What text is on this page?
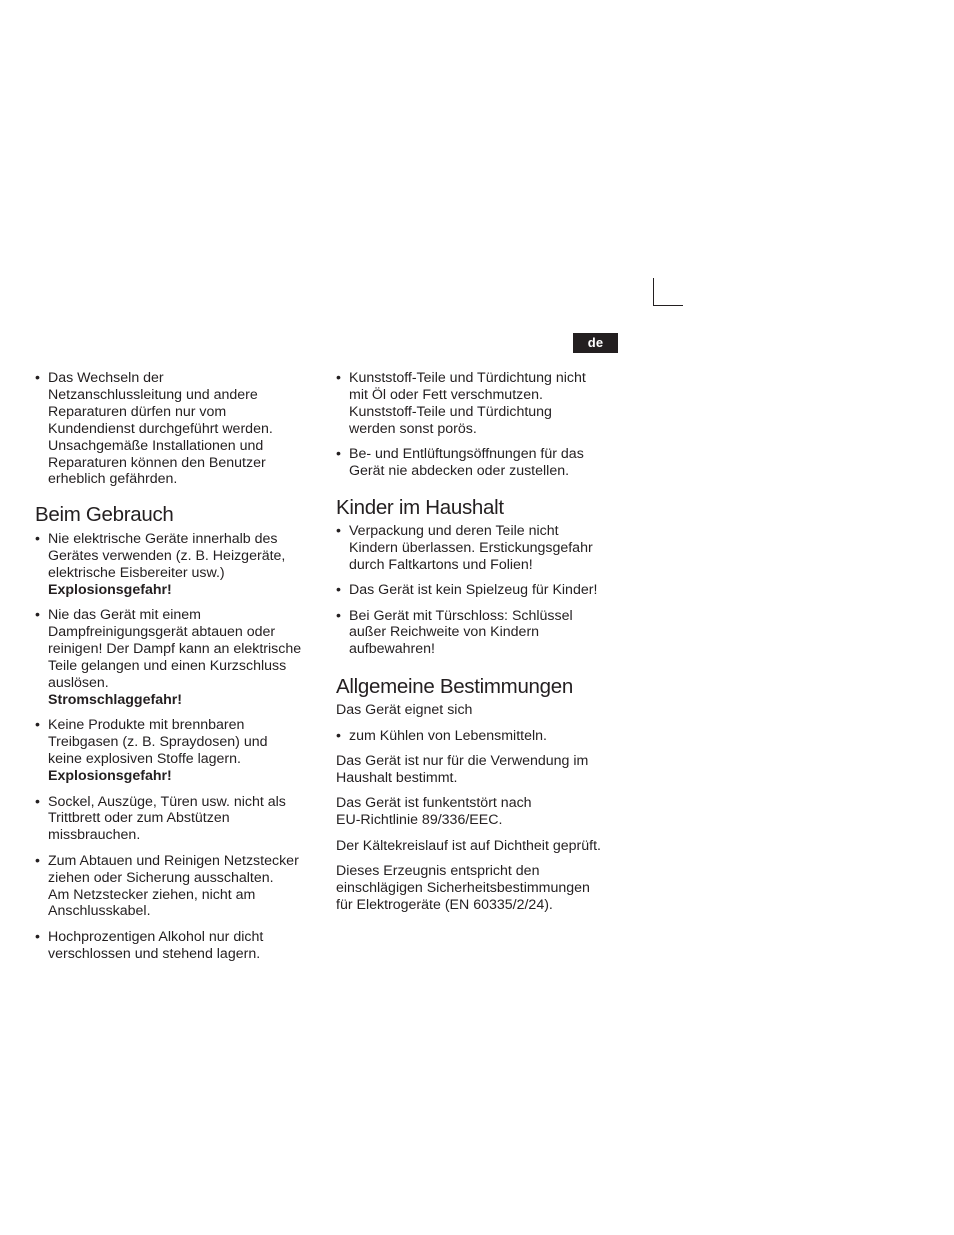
de
• Das Wechseln der
Netzanschlussleitung und andere
Reparaturen dürfen nur vom
Kundendienst durchgeführt werden.
Unsachgemäße Installationen und
Reparaturen können den Benutzer
erheblich gefährden.
Beim Gebrauch
• Nie elektrische Geräte innerhalb des
Gerätes verwenden (z. B. Heizgeräte,
elektrische Eisbereiter usw.)
Explosionsgefahr!
• Nie das Gerät mit einem
Dampfreinigungsgerät abtauen oder
reinigen! Der Dampf kann an elektrische
Teile gelangen und einen Kurzschluss
auslösen.
Stromschlaggefahr!
• Keine Produkte mit brennbaren
Treibgasen (z. B. Spraydosen) und
keine explosiven Stoffe lagern.
Explosionsgefahr!
• Sockel, Auszüge, Türen usw. nicht als
Trittbrett oder zum Abstützen
missbrauchen.
• Zum Abtauen und Reinigen Netzstecker
ziehen oder Sicherung ausschalten.
Am Netzstecker ziehen, nicht am
Anschlusskabel.
• Hochprozentigen Alkohol nur dicht
verschlossen und stehend lagern.
• Kunststoff-Teile und Türdichtung nicht
mit Öl oder Fett verschmutzen.
Kunststoff-Teile und Türdichtung
werden sonst porös.
• Be- und Entlüftungsöffnungen für das
Gerät nie abdecken oder zustellen.
Kinder im Haushalt
• Verpackung und deren Teile nicht
Kindern überlassen. Erstickungsgefahr
durch Faltkartons und Folien!
• Das Gerät ist kein Spielzeug für Kinder!
• Bei Gerät mit Türschloss: Schlüssel
außer Reichweite von Kindern
aufbewahren!
Allgemeine Bestimmungen

Das Gerät eignet sich

• zum Kühlen von Lebensmitteln.

Das Gerät ist nur für die Verwendung im
Haushalt bestimmt.

Das Gerät ist funkentstört nach
EU-Richtlinie 89/336/EEC.

Der Kältekreislauf ist auf Dichtheit geprüft.

Dieses Erzeugnis entspricht den
einschlägigen Sicherheitsbestimmungen
für Elektrogeräte (EN 60335/2/24).
